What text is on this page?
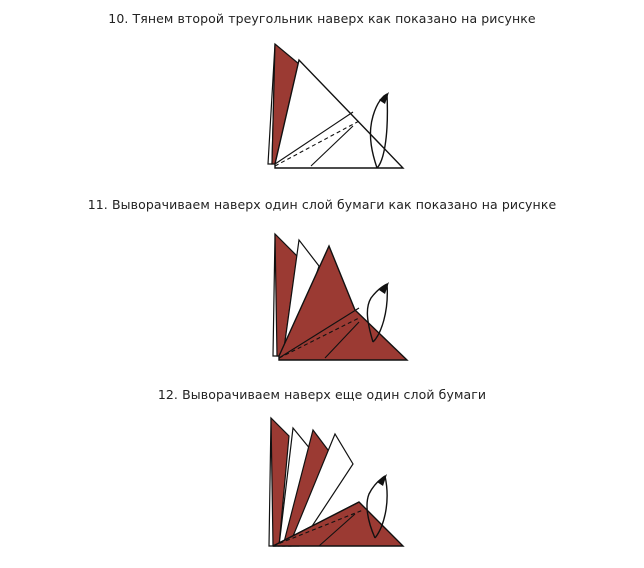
10. Тянем второй треугольник наверх как показано на рисунке
11. Выворачиваем наверх один слой бумаги как показано на рисунке
12. Выворачиваем наверх еще один слой бумаги
